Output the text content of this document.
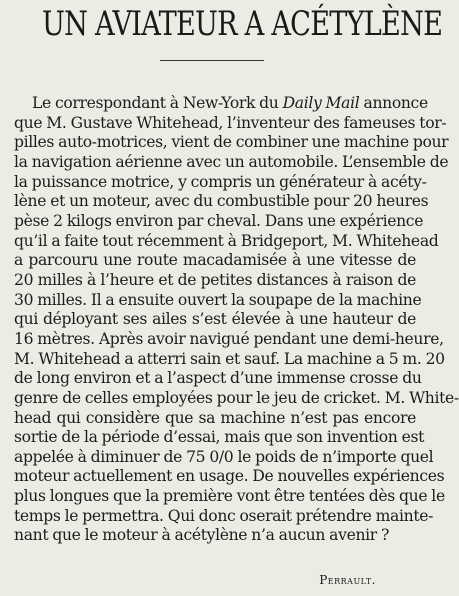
UN AVIATEUR A ACÉTYLÈNE
Le correspondant à New-York du Daily Mail annonce
que M. Gustave Whitehead, l’inventeur des fameuses tor-
pilles auto-motrices, vient de combiner une machine pour
la navigation aérienne avec un automobile. L’ensemble de
la puissance motrice, y compris un générateur à acéty-
lène et un moteur, avec du combustible pour 20 heures
pèse 2 kilogs environ par cheval. Dans une expérience
qu’il a faite tout récemment à Bridgeport, M. Whitehead
a parcouru une route macadamisée à une vitesse de
20 milles à l’heure et de petites distances à raison de
30 milles. Il a ensuite ouvert la soupape de la machine
qui déployant ses ailes s’est élevée à une hauteur de
16 mètres. Après avoir navigué pendant une demi-heure,
M. Whitehead a atterri sain et sauf. La machine a 5 m. 20
de long environ et a l’aspect d’une immense crosse du
genre de celles employées pour le jeu de cricket. M. White-
head qui considère que sa machine n’est pas encore
sortie de la période d’essai, mais que son invention est
appelée à diminuer de 75 0/0 le poids de n’importe quel
moteur actuellement en usage. De nouvelles expériences
plus longues que la première vont être tentées dès que le
temps le permettra. Qui donc oserait prétendre mainte-
nant que le moteur à acétylène n’a aucun avenir ?
Perrault.
